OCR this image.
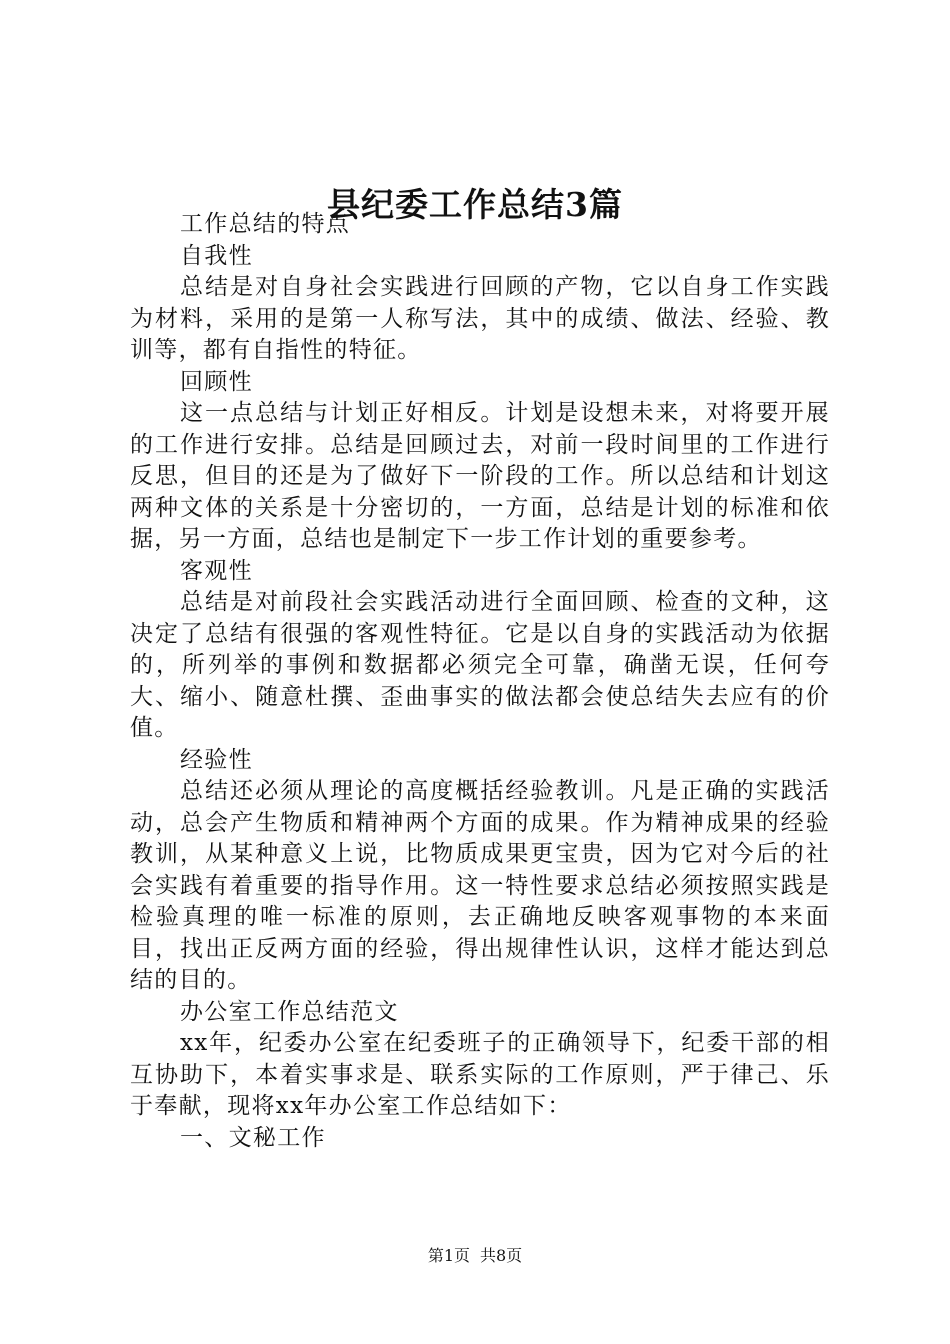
县纪委工作总结3篇

工作总结的特点

自我性

总结是对自身社会实践进行回顾的产物，它以自身工作实践为材料，采用的是第一人称写法，其中的成绩、做法、经验、教训等，都有自指性的特征。

回顾性

这一点总结与计划正好相反。计划是设想未来，对将要开展的工作进行安排。总结是回顾过去，对前一段时间里的工作进行反思，但目的还是为了做好下一阶段的工作。所以总结和计划这两种文体的关系是十分密切的，一方面，总结是计划的标准和依据，另一方面，总结也是制定下一步工作计划的重要参考。

客观性

总结是对前段社会实践活动进行全面回顾、检查的文种，这决定了总结有很强的客观性特征。它是以自身的实践活动为依据的，所列举的事例和数据都必须完全可靠，确凿无误，任何夸大、缩小、随意杜撰、歪曲事实的做法都会使总结失去应有的价值。

经验性

总结还必须从理论的高度概括经验教训。凡是正确的实践活动，总会产生物质和精神两个方面的成果。作为精神成果的经验教训，从某种意义上说，比物质成果更宝贵，因为它对今后的社会实践有着重要的指导作用。这一特性要求总结必须按照实践是检验真理的唯一标准的原则，去正确地反映客观事物的本来面目，找出正反两方面的经验，得出规律性认识，这样才能达到总结的目的。

办公室工作总结范文

xx年，纪委办公室在纪委班子的正确领导下，纪委干部的相互协助下，本着实事求是、联系实际的工作原则，严于律己、乐于奉献，现将xx年办公室工作总结如下：

一、文秘工作

第1页 共8页
